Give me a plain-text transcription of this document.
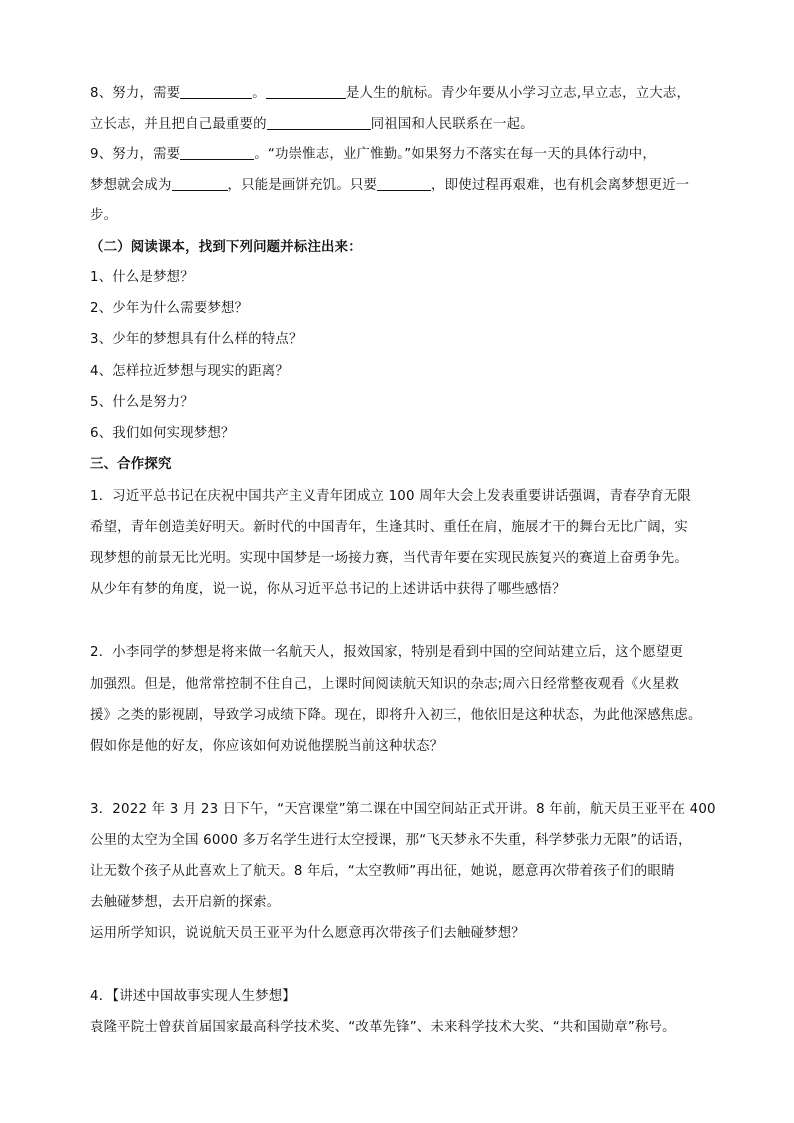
8、努力，需要	。	是人生的航标。青少年要从小学习立志,早立志，立大志，
立长志，并且把自己最重要的	同祖国和人民联系在一起。
9、努力，需要	。“功崇惟志，业广惟勤。”如果努力不落实在每一天的具体行动中，
梦想就会成为	，只能是画饼充饥。只要	，即使过程再艰难，也有机会离梦想更近一
步。
（二）阅读课本，找到下列问题并标注出来：
1、什么是梦想？
2、少年为什么需要梦想？
3、少年的梦想具有什么样的特点？
4、怎样拉近梦想与现实的距离？
5、什么是努力？
6、我们如何实现梦想？
三、合作探究
1．习近平总书记在庆祝中国共产主义青年团成立 100 周年大会上发表重要讲话强调，青春孕育无限
希望，青年创造美好明天。新时代的中国青年，生逢其时、重任在肩，施展才干的舞台无比广阔，实
现梦想的前景无比光明。实现中国梦是一场接力赛，当代青年要在实现民族复兴的赛道上奋勇争先。
从少年有梦的角度，说一说，你从习近平总书记的上述讲话中获得了哪些感悟？
2．小李同学的梦想是将来做一名航天人，报效国家，特别是看到中国的空间站建立后，这个愿望更
加强烈。但是，他常常控制不住自己，上课时间阅读航天知识的杂志;周六日经常整夜观看《火星救
援》之类的影视剧，导致学习成绩下降。现在，即将升入初三，他依旧是这种状态，为此他深感焦虑。
假如你是他的好友，你应该如何劝说他摆脱当前这种状态？
3．2022 年 3 月 23 日下午，“天宫课堂”第二课在中国空间站正式开讲。8 年前，航天员王亚平在 400
公里的太空为全国 6000 多万名学生进行太空授课，那“飞天梦永不失重，科学梦张力无限”的话语，
让无数个孩子从此喜欢上了航天。8 年后，“太空教师”再出征，她说，愿意再次带着孩子们的眼睛
去触碰梦想，去开启新的探索。
运用所学知识，说说航天员王亚平为什么愿意再次带孩子们去触碰梦想？
4．【讲述中国故事实现人生梦想】
袁隆平院士曾获首届国家最高科学技术奖、“改革先锋”、未来科学技术大奖、“共和国勋章”称号。
